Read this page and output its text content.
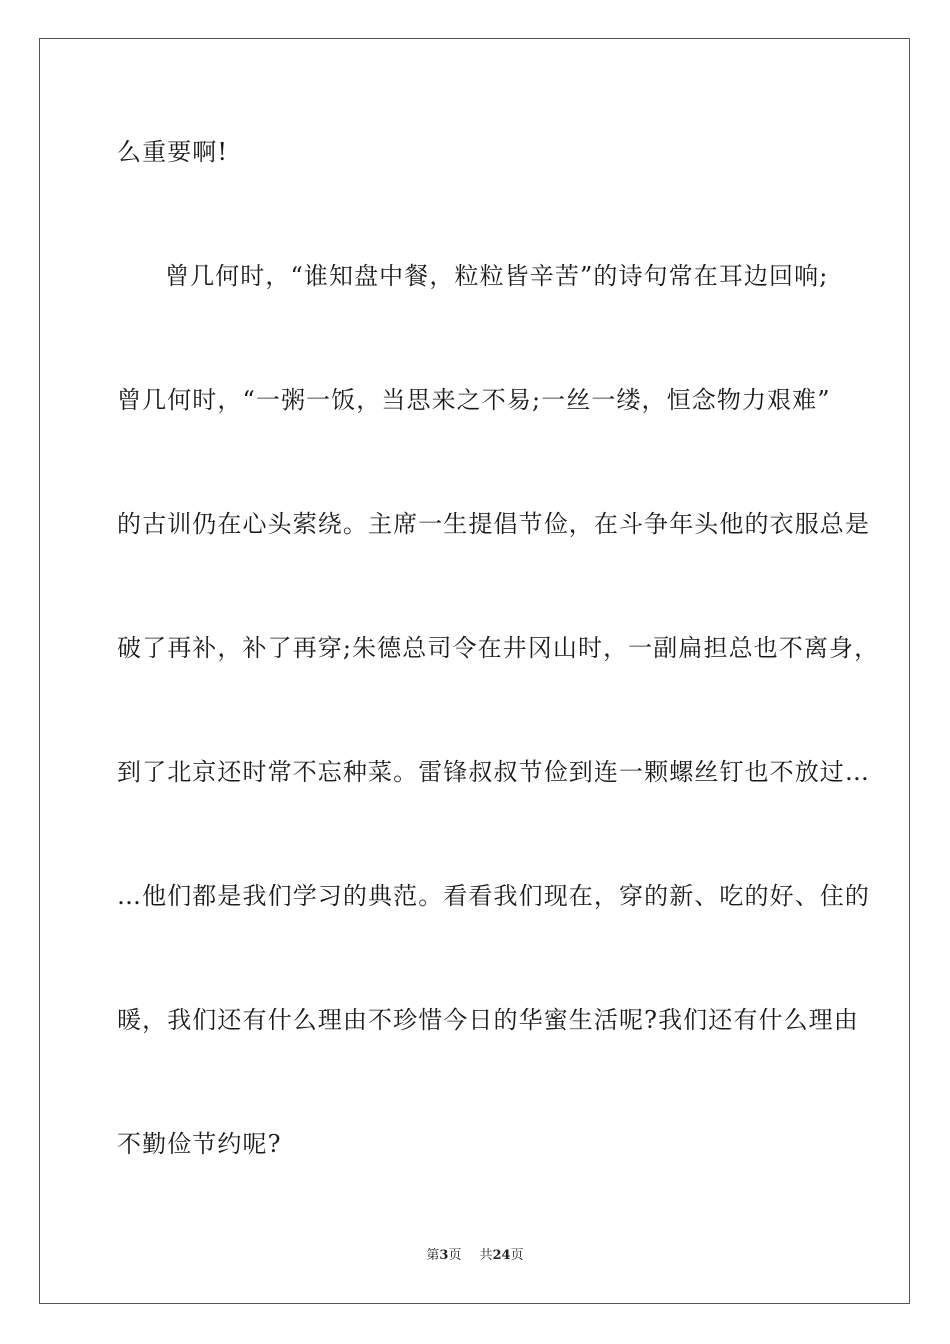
么重要啊!
曾几何时，“谁知盘中餐，粒粒皆辛苦”的诗句常在耳边回响;
曾几何时，“一粥一饭，当思来之不易;一丝一缕，恒念物力艰难”
的古训仍在心头萦绕。主席一生提倡节俭，在斗争年头他的衣服总是
破了再补，补了再穿;朱德总司令在井冈山时，一副扁担总也不离身，
到了北京还时常不忘种菜。雷锋叔叔节俭到连一颗螺丝钉也不放过…
…他们都是我们学习的典范。看看我们现在，穿的新、吃的好、住的
暖，我们还有什么理由不珍惜今日的华蜜生活呢?我们还有什么理由
不勤俭节约呢?
第3页 共24页
